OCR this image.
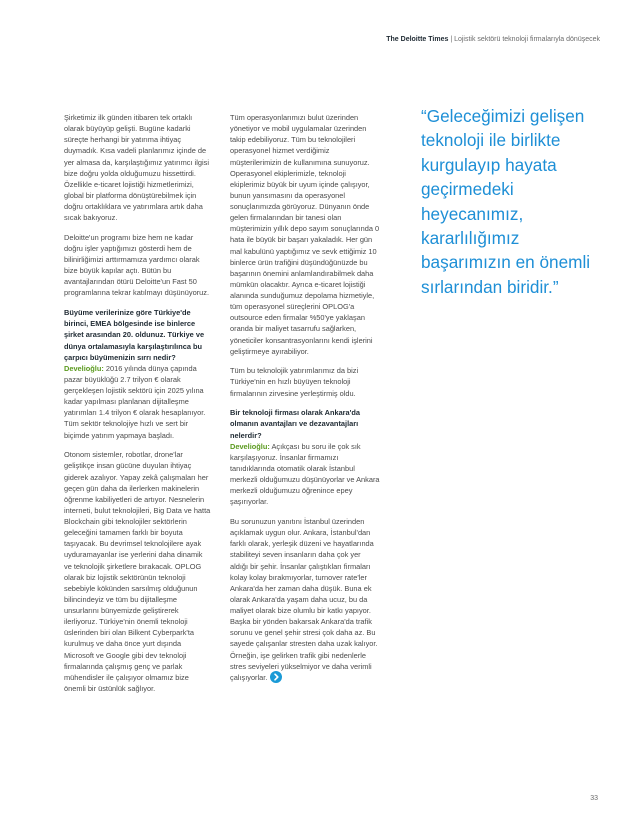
The Deloitte Times | Lojistik sektörü teknoloji firmalarıyla dönüşecek

Şirketimiz ilk günden itibaren tek ortaklı olarak büyüyüp gelişti. Bugüne kadarki süreçte herhangi bir yatırıma ihtiyaç duymadık. Kısa vadeli planlarımız içinde de yer almasa da, karşılaştığımız yatırımcı ilgisi bize doğru yolda olduğumuzu hissettirdi. Özellikle e-ticaret lojistiği hizmetlerimizi, global bir platforma dönüştürebilmek için doğru ortaklıklara ve yatırımlara artık daha sıcak bakıyoruz.

Deloitte'un programı bize hem ne kadar doğru işler yaptığımızı gösterdi hem de bilinirliğimizi arttırmamıza yardımcı olarak bize büyük kapılar açtı. Bütün bu avantajlarından ötürü Deloitte'un Fast 50 programlarına tekrar katılmayı düşünüyoruz.

Büyüme verilerinize göre Türkiye'de birinci, EMEA bölgesinde ise binlerce şirket arasından 20. oldunuz. Türkiye ve dünya ortalamasıyla karşılaştırılınca bu çarpıcı büyümenizin sırrı nedir?
Develioğlu: 2016 yılında dünya çapında pazar büyüklüğü 2.7 trilyon € olarak gerçekleşen lojistik sektörü için 2025 yılına kadar yapılması planlanan dijitalleşme yatırımları 1.4 trilyon € olarak hesaplanıyor. Tüm sektör teknolojiye hızlı ve sert bir biçimde yatırım yapmaya başladı.

Otonom sistemler, robotlar, drone'lar geliştikçe insan gücüne duyulan ihtiyaç giderek azalıyor. Yapay zekâ çalışmaları her geçen gün daha da ilerlerken makinelerin öğrenme kabiliyetleri de artıyor. Nesnelerin interneti, bulut teknolojileri, Big Data ve hatta Blockchain gibi teknolojiler sektörlerin geleceğini tamamen farklı bir boyuta taşıyacak. Bu devrimsel teknolojilere ayak uyduramayanlar ise yerlerini daha dinamik ve teknolojik şirketlere bırakacak. OPLOG olarak biz lojistik sektörünün teknoloji sebebiyle kökünden sarsılmış olduğunun bilincindeyiz ve tüm bu dijitalleşme unsurlarını bünyemizde geliştirerek ilerliyoruz. Türkiye'nin önemli teknoloji üslerinden biri olan Bilkent Cyberpark'ta kurulmuş ve daha önce yurt dışında Microsoft ve Google gibi dev teknoloji firmalarında çalışmış genç ve parlak mühendisler ile çalışıyor olmamız bize önemli bir üstünlük sağlıyor.

Tüm operasyonlarımızı bulut üzerinden yönetiyor ve mobil uygulamalar üzerinden takip edebiliyoruz. Tüm bu teknolojileri operasyonel hizmet verdiğimiz müşterilerimizin de kullanımına sunuyoruz. Operasyonel ekiplerimizle, teknoloji ekiplerimiz büyük bir uyum içinde çalışıyor, bunun yansımasını da operasyonel sonuçlarımızda görüyoruz. Dünyanın önde gelen firmalarından bir tanesi olan müşterimizin yıllık depo sayım sonuçlarında 0 hata ile büyük bir başarı yakaladık. Her gün mal kabulünü yaptığımız ve sevk ettiğimiz 10 binlerce ürün trafiğini düşündüğünüzde bu başarının önemini anlamlandırabilmek daha mümkün olacaktır. Ayrıca e-ticaret lojistiği alanında sunduğumuz depolama hizmetiyle, tüm operasyonel süreçlerini OPLOG'a outsource eden firmalar %50'ye yaklaşan oranda bir maliyet tasarrufu sağlarken, yöneticiler konsantrasyonlarını kendi işlerini geliştirmeye ayırabiliyor.

Tüm bu teknolojik yatırımlarımız da bizi Türkiye'nin en hızlı büyüyen teknoloji firmalarının zirvesine yerleştirmiş oldu.

Bir teknoloji firması olarak Ankara'da olmanın avantajları ve dezavantajları nelerdir?
Develioğlu: Açıkçası bu soru ile çok sık karşılaşıyoruz. İnsanlar firmamızı tanıdıklarında otomatik olarak İstanbul merkezli olduğumuzu düşünüyorlar ve Ankara merkezli olduğumuzu öğrenince epey şaşırıyorlar.

Bu sorunuzun yanıtını İstanbul üzerinden açıklamak uygun olur. Ankara, İstanbul'dan farklı olarak, yerleşik düzeni ve hayatlarında stabiliteyi seven insanların daha çok yer aldığı bir şehir. İnsanlar çalıştıkları firmaları kolay kolay bırakmıyorlar, turnover rate'ler Ankara'da her zaman daha düşük. Buna ek olarak Ankara'da yaşam daha ucuz, bu da maliyet olarak bize olumlu bir katkı yapıyor. Başka bir yönden bakarsak Ankara'da trafik sorunu ve genel şehir stresi çok daha az. Bu sayede çalışanlar stresten daha uzak kalıyor. Örneğin, işe gelirken trafik gibi nedenlerle stres seviyeleri yükselmiyor ve daha verimli çalışıyorlar.

“Geleceğimizi gelişen teknoloji ile birlikte kurgulayıp hayata geçirmedeki heyecanımız, kararlılığımız başarımızın en önemli sırlarından biridir.”
33
